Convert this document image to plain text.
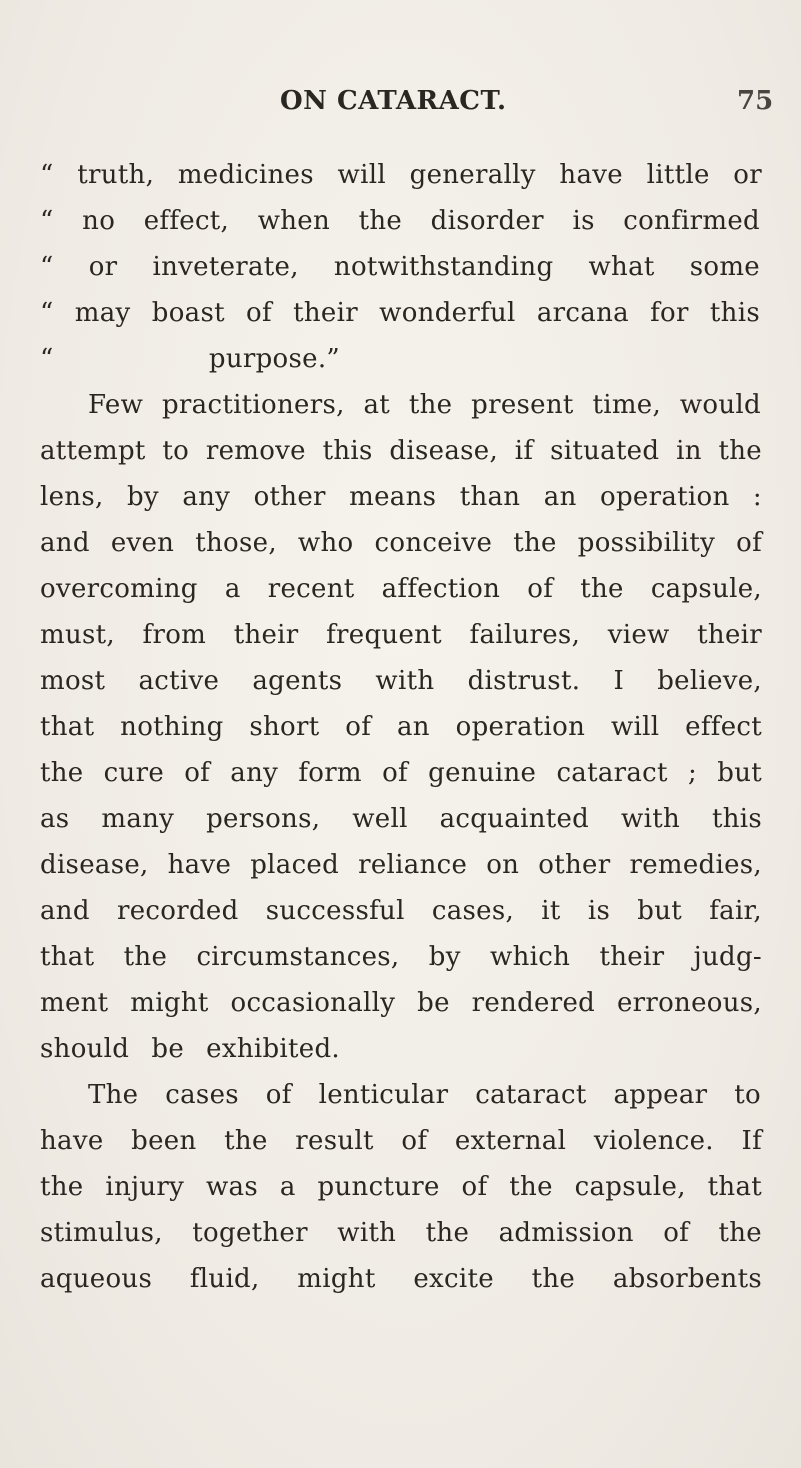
ON CATARACT.	75
“ truth, medicines will generally have little or
“ no effect, when the disorder is confirmed
“ or inveterate, notwithstanding what some
“ may boast of their wonderful arcana for this
“ purpose.”
Few practitioners, at the present time, would
attempt to remove this disease, if situated in the
lens, by any other means than an operation :
and even those, who conceive the possibility of
overcoming a recent affection of the capsule,
must, from their frequent failures, view their
most active agents with distrust. I believe,
that nothing short of an operation will effect
the cure of any form of genuine cataract ; but
as many persons, well acquainted with this
disease, have placed reliance on other remedies,
and recorded successful cases, it is but fair,
that the circumstances, by which their judg-
ment might occasionally be rendered erroneous,
should be exhibited.
The cases of lenticular cataract appear to
have been the result of external violence. If
the injury was a puncture of the capsule, that
stimulus, together with the admission of the
aqueous fluid, might excite the absorbents
